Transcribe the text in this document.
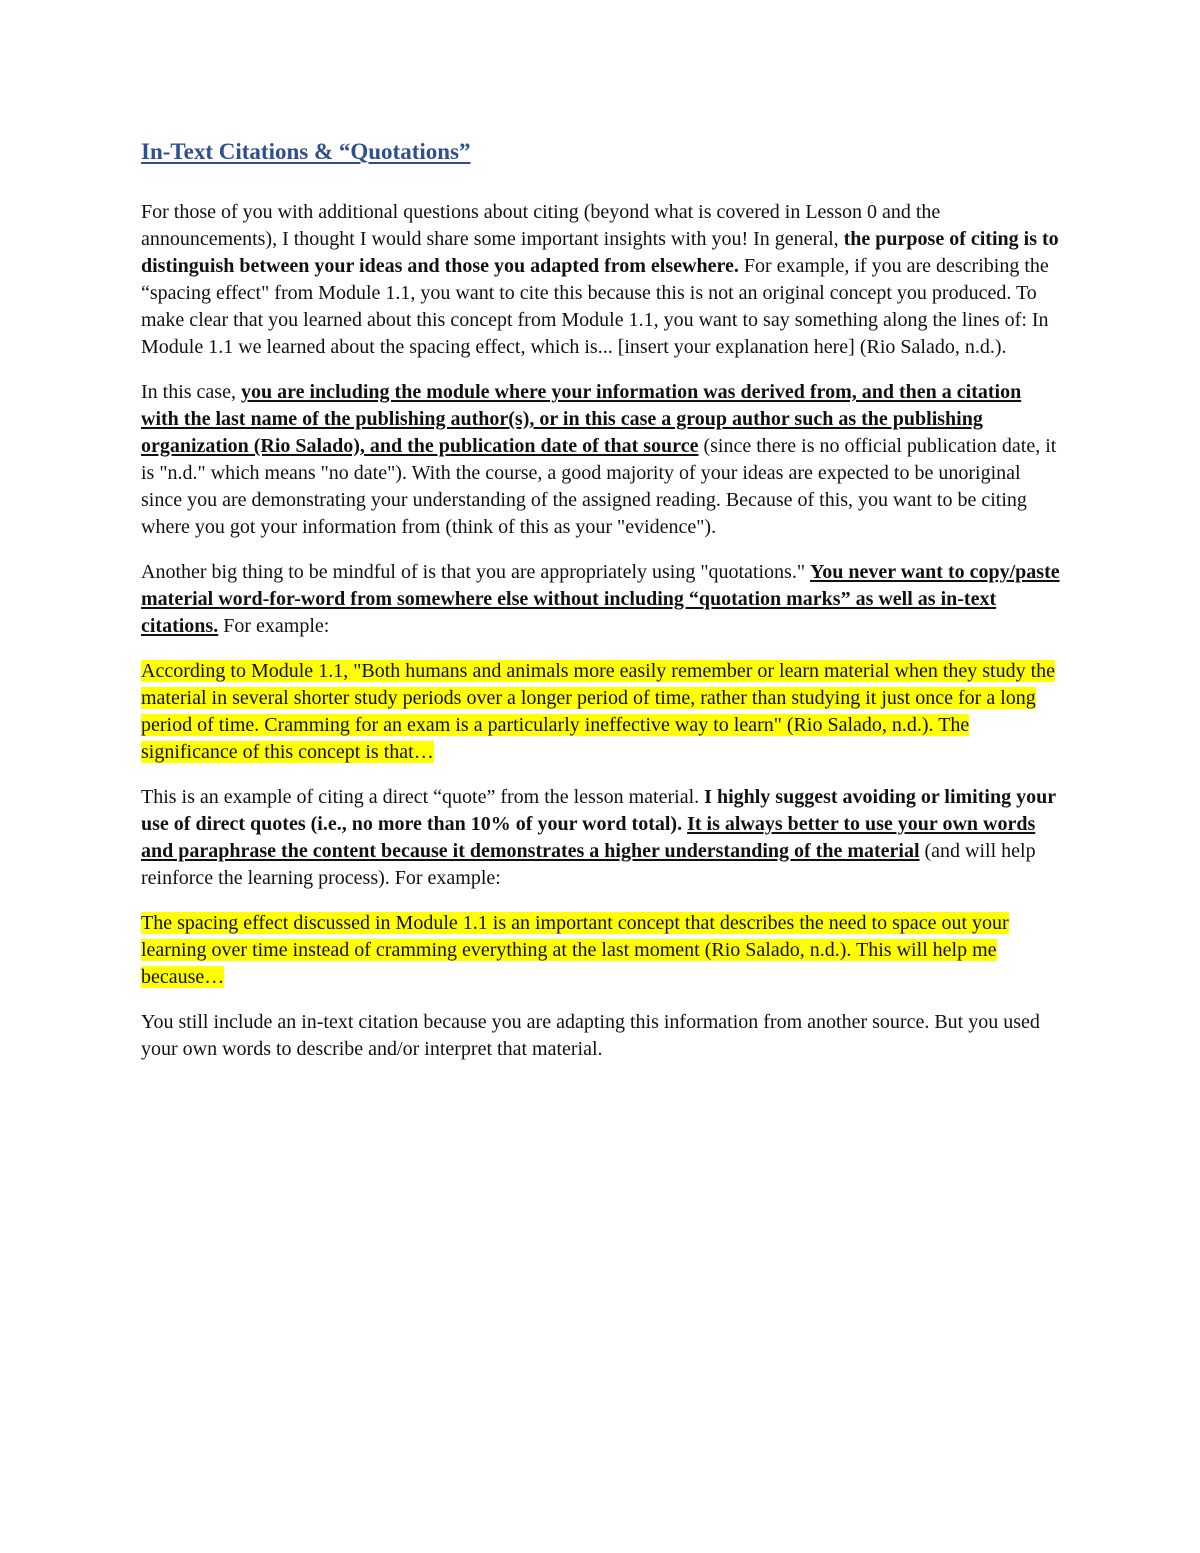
In-Text Citations & “Quotations”

For those of you with additional questions about citing (beyond what is covered in Lesson 0 and the announcements), I thought I would share some important insights with you! In general, the purpose of citing is to distinguish between your ideas and those you adapted from elsewhere. For example, if you are describing the “spacing effect" from Module 1.1, you want to cite this because this is not an original concept you produced. To make clear that you learned about this concept from Module 1.1, you want to say something along the lines of: In Module 1.1 we learned about the spacing effect, which is... [insert your explanation here] (Rio Salado, n.d.).

In this case, you are including the module where your information was derived from, and then a citation with the last name of the publishing author(s), or in this case a group author such as the publishing organization (Rio Salado), and the publication date of that source (since there is no official publication date, it is "n.d." which means "no date"). With the course, a good majority of your ideas are expected to be unoriginal since you are demonstrating your understanding of the assigned reading. Because of this, you want to be citing where you got your information from (think of this as your "evidence").

Another big thing to be mindful of is that you are appropriately using "quotations." You never want to copy/paste material word-for-word from somewhere else without including “quotation marks” as well as in-text citations. For example:

According to Module 1.1, "Both humans and animals more easily remember or learn material when they study the material in several shorter study periods over a longer period of time, rather than studying it just once for a long period of time. Cramming for an exam is a particularly ineffective way to learn" (Rio Salado, n.d.). The significance of this concept is that…

This is an example of citing a direct “quote” from the lesson material. I highly suggest avoiding or limiting your use of direct quotes (i.e., no more than 10% of your word total). It is always better to use your own words and paraphrase the content because it demonstrates a higher understanding of the material (and will help reinforce the learning process). For example:

The spacing effect discussed in Module 1.1 is an important concept that describes the need to space out your learning over time instead of cramming everything at the last moment (Rio Salado, n.d.). This will help me because…

You still include an in-text citation because you are adapting this information from another source. But you used your own words to describe and/or interpret that material.
